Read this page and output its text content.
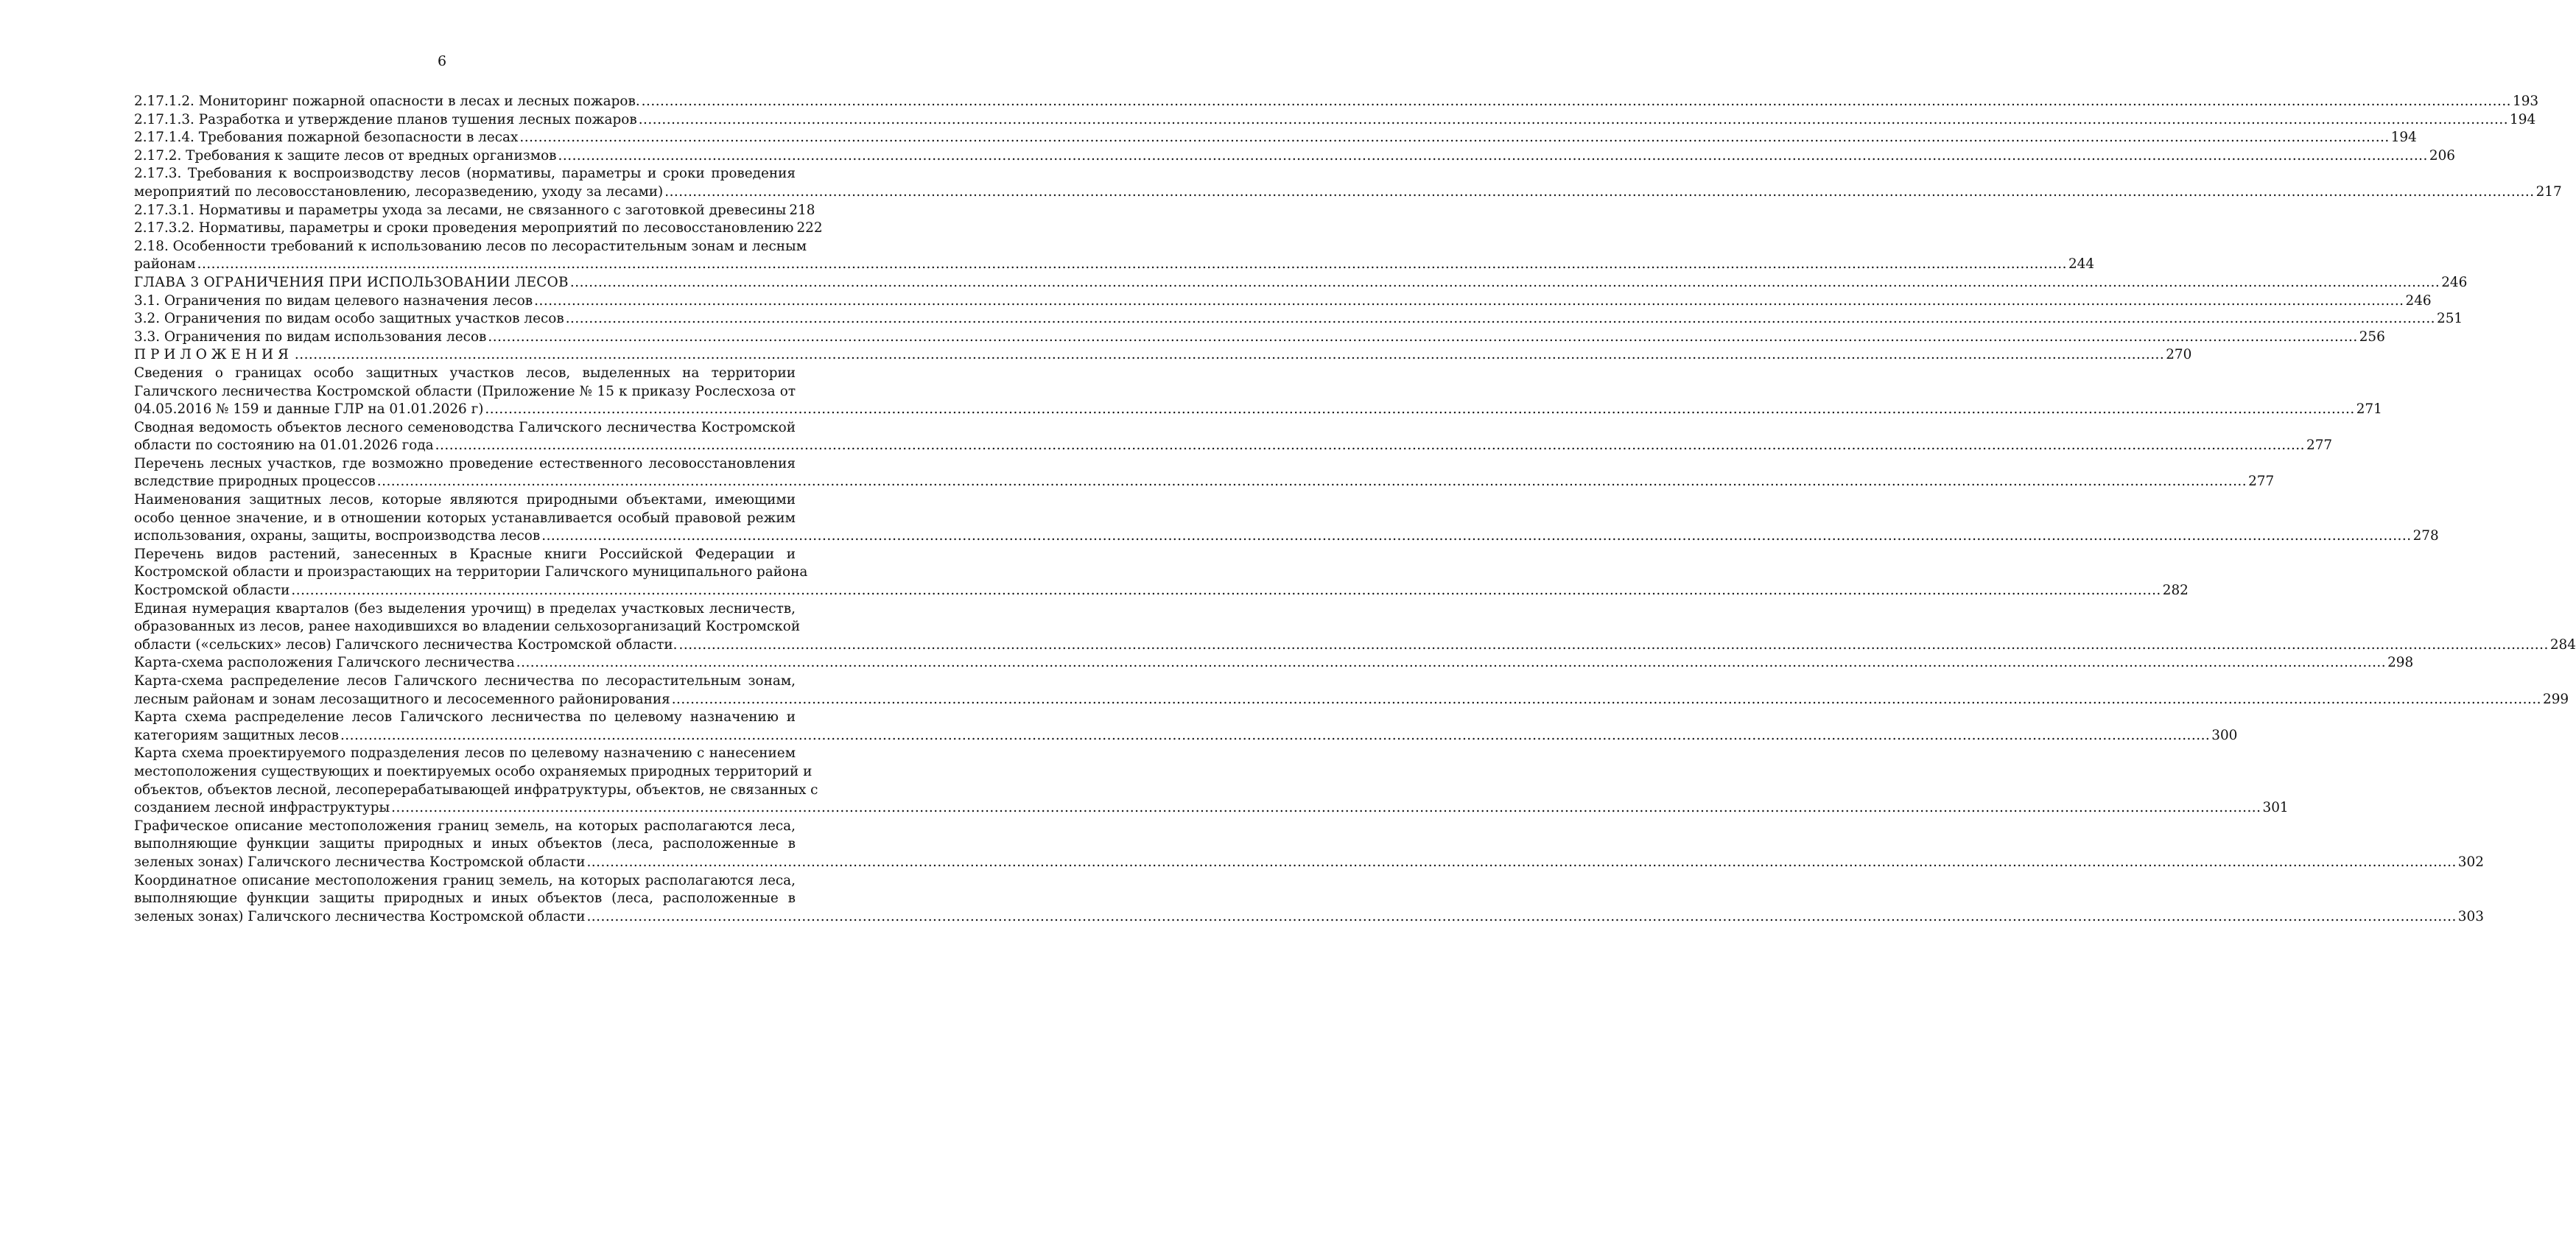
6
2.17.1.2. Мониторинг пожарной опасности в лесах и лесных пожаров. ................................................................................................................................................................................................................................................................................................................................................................................................................ 193
2.17.1.3. Разработка и утверждение планов тушения лесных пожаров ................................................................................................................................................................................................................................................................................................................................................................................................................ 194
2.17.1.4. Требования пожарной безопасности в лесах ................................................................................................................................................................................................................................................................................................................................................................................................................ 194
2.17.2. Требования к защите лесов от вредных организмов ................................................................................................................................................................................................................................................................................................................................................................................................................ 206
2.17.3. Требования к воспроизводству лесов (нормативы, параметры и сроки проведения
мероприятий по лесовосстановлению, лесоразведению, уходу за лесами) ................................................................................................................................................................................................................................................................................................................................................................................................................ 217
2.17.3.1. Нормативы и параметры ухода за лесами, не связанного с заготовкой древесины 218
2.17.3.2. Нормативы, параметры и сроки проведения мероприятий по лесовосстановлению 222
2.18. Особенности требований к использованию лесов по лесорастительным зонам и лесным
районам ................................................................................................................................................................................................................................................................................................................................................................................................................ 244
ГЛАВА 3 ОГРАНИЧЕНИЯ ПРИ ИСПОЛЬЗОВАНИИ ЛЕСОВ ................................................................................................................................................................................................................................................................................................................................................................................................................ 246
3.1. Ограничения по видам целевого назначения лесов ................................................................................................................................................................................................................................................................................................................................................................................................................ 246
3.2. Ограничения по видам особо защитных участков лесов ................................................................................................................................................................................................................................................................................................................................................................................................................ 251
3.3. Ограничения по видам использования лесов ................................................................................................................................................................................................................................................................................................................................................................................................................ 256
ПРИЛОЖЕНИЯ ................................................................................................................................................................................................................................................................................................................................................................................................................ 270
Сведения о границах особо защитных участков лесов, выделенных на территории
Галичского лесничества Костромской области (Приложение № 15 к приказу Рослесхоза от
04.05.2016 № 159 и данные ГЛР на 01.01.2026 г) ................................................................................................................................................................................................................................................................................................................................................................................................................ 271
Сводная ведомость объектов лесного семеноводства Галичского лесничества Костромской
области по состоянию на 01.01.2026 года ................................................................................................................................................................................................................................................................................................................................................................................................................ 277
Перечень лесных участков, где возможно проведение естественного лесовосстановления
вследствие природных процессов ................................................................................................................................................................................................................................................................................................................................................................................................................ 277
Наименования защитных лесов, которые являются природными объектами, имеющими
особо ценное значение, и в отношении которых устанавливается особый правовой режим
использования, охраны, защиты, воспроизводства лесов ................................................................................................................................................................................................................................................................................................................................................................................................................ 278
Перечень видов растений, занесенных в Красные книги Российской Федерации и
Костромской области и произрастающих на территории Галичского муниципального района
Костромской области ................................................................................................................................................................................................................................................................................................................................................................................................................ 282
Единая нумерация кварталов (без выделения урочищ) в пределах участковых лесничеств,
образованных из лесов, ранее находившихся во владении сельхозорганизаций Костромской
области («сельских» лесов) Галичского лесничества Костромской области. ................................................................................................................................................................................................................................................................................................................................................................................................................ 284
Карта-схема расположения Галичского лесничества ................................................................................................................................................................................................................................................................................................................................................................................................................ 298
Карта-схема распределение лесов Галичского лесничества по лесорастительным зонам,
лесным районам и зонам лесозащитного и лесосеменного районирования ................................................................................................................................................................................................................................................................................................................................................................................................................ 299
Карта схема распределение лесов Галичского лесничества по целевому назначению и
категориям защитных лесов ................................................................................................................................................................................................................................................................................................................................................................................................................ 300
Карта схема проектируемого подразделения лесов по целевому назначению с нанесением
местоположения существующих и поектируемых особо охраняемых природных территорий и
объектов, объектов лесной, лесоперерабатывающей инфратруктуры, объектов, не связанных с
созданием лесной инфраструктуры ................................................................................................................................................................................................................................................................................................................................................................................................................ 301
Графическое описание местоположения границ земель, на которых располагаются леса,
выполняющие функции защиты природных и иных объектов (леса, расположенные в
зеленых зонах) Галичского лесничества Костромской области ................................................................................................................................................................................................................................................................................................................................................................................................................ 302
Координатное описание местоположения границ земель, на которых располагаются леса,
выполняющие функции защиты природных и иных объектов (леса, расположенные в
зеленых зонах) Галичского лесничества Костромской области ................................................................................................................................................................................................................................................................................................................................................................................................................ 303
